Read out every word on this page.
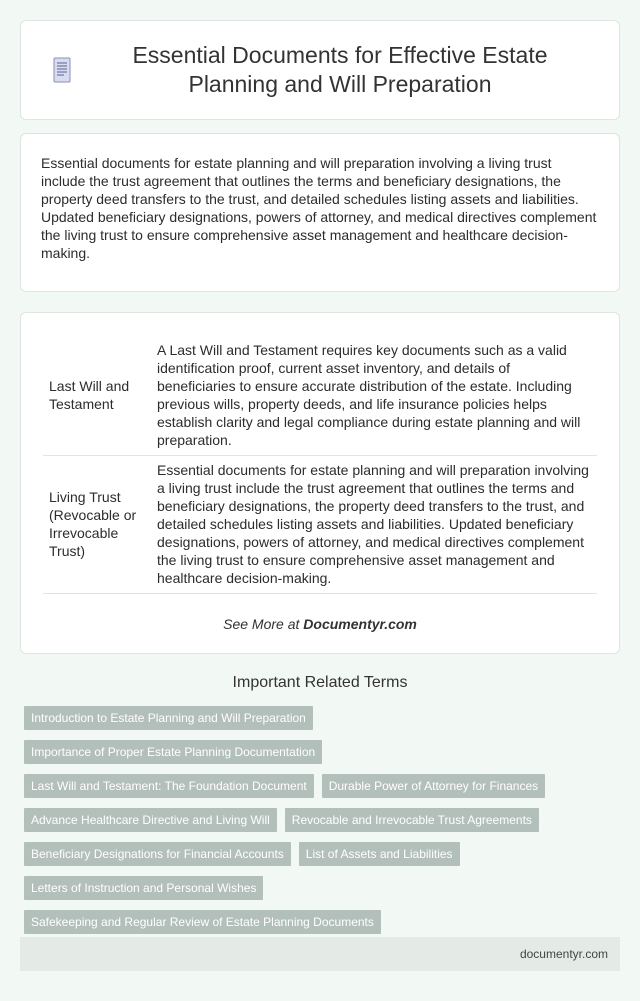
Essential Documents for Effective Estate Planning and Will Preparation

Essential documents for estate planning and will preparation involving a living trust include the trust agreement that outlines the terms and beneficiary designations, the property deed transfers to the trust, and detailed schedules listing assets and liabilities. Updated beneficiary designations, powers of attorney, and medical directives complement the living trust to ensure comprehensive asset management and healthcare decision-making.

Last Will and Testament	A Last Will and Testament requires key documents such as a valid identification proof, current asset inventory, and details of beneficiaries to ensure accurate distribution of the estate. Including previous wills, property deeds, and life insurance policies helps establish clarity and legal compliance during estate planning and will preparation.
Living Trust (Revocable or Irrevocable Trust)	Essential documents for estate planning and will preparation involving a living trust include the trust agreement that outlines the terms and beneficiary designations, the property deed transfers to the trust, and detailed schedules listing assets and liabilities. Updated beneficiary designations, powers of attorney, and medical directives complement the living trust to ensure comprehensive asset management and healthcare decision-making.

See More at Documentyr.com

Important Related Terms
Introduction to Estate Planning and Will Preparation
Importance of Proper Estate Planning Documentation
Last Will and Testament: The Foundation Document	Durable Power of Attorney for Finances
Advance Healthcare Directive and Living Will	Revocable and Irrevocable Trust Agreements
Beneficiary Designations for Financial Accounts	List of Assets and Liabilities
Letters of Instruction and Personal Wishes
Safekeeping and Regular Review of Estate Planning Documents
documentyr.com
